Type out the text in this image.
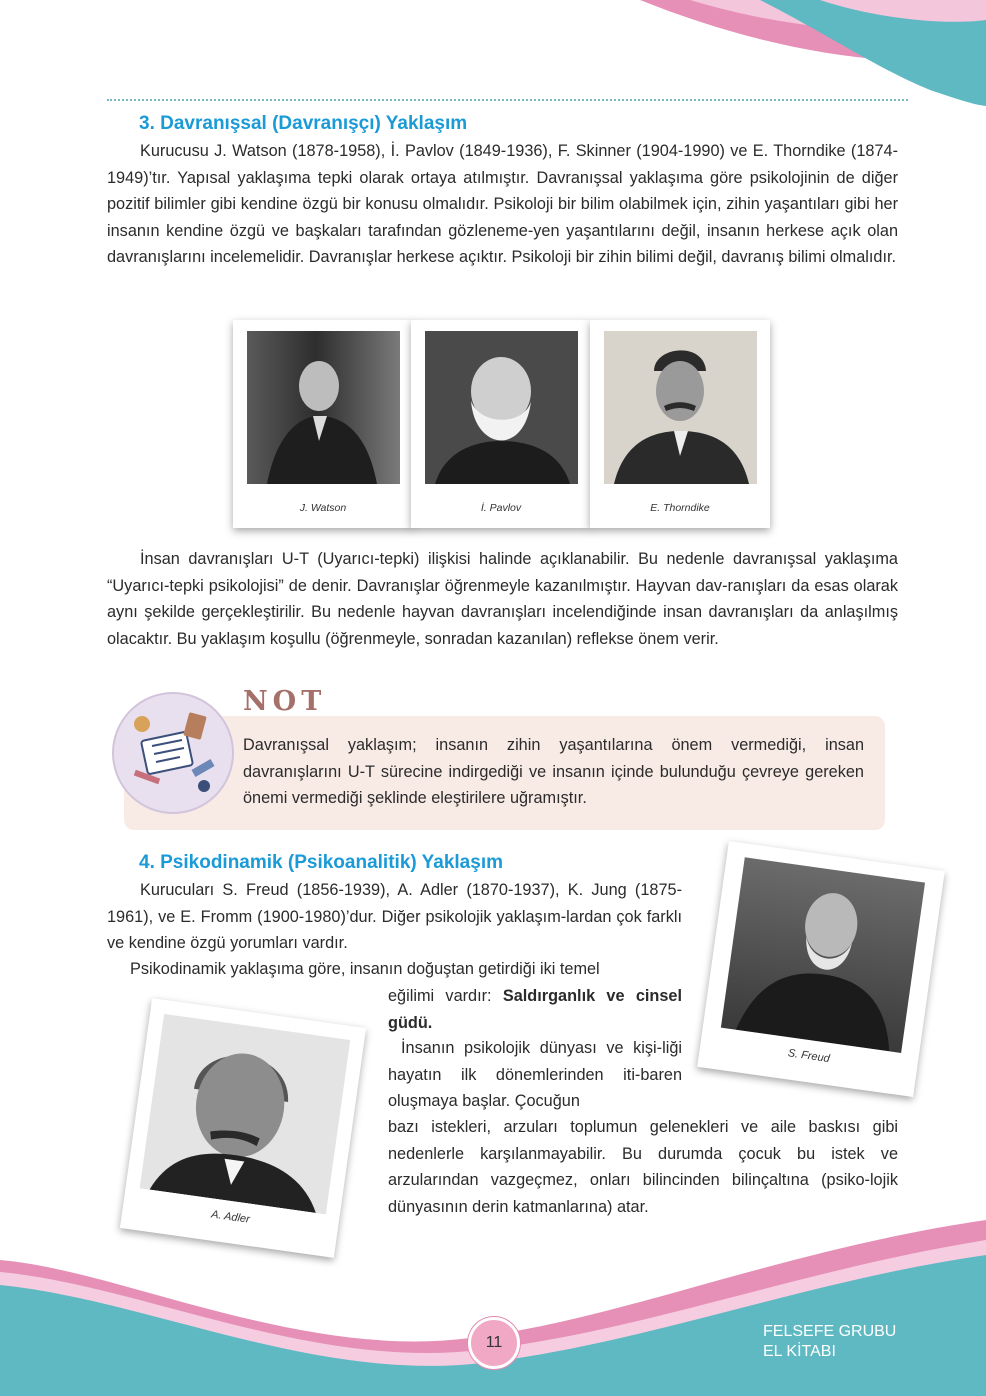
3. Davranışsal (Davranışçı) Yaklaşım

Kurucusu J. Watson (1878-1958), İ. Pavlov (1849-1936), F. Skinner (1904-1990) ve E. Thorndike (1874-1949)’tır. Yapısal yaklaşıma tepki olarak ortaya atılmıştır. Davranışsal yaklaşıma göre psikolojinin de diğer pozitif bilimler gibi kendine özgü bir konusu olmalıdır. Psikoloji bir bilim olabilmek için, zihin yaşantıları gibi her insanın kendine özgü ve başkaları tarafından gözleneme-yen yaşantılarını değil, insanın herkese açık olan davranışlarını incelemelidir. Davranışlar herkese açıktır. Psikoloji bir zihin bilimi değil, davranış bilimi olmalıdır.

J. Watson	İ. Pavlov	E. Thorndike

İnsan davranışları U-T (Uyarıcı-tepki) ilişkisi halinde açıklanabilir. Bu nedenle davranışsal yaklaşıma “Uyarıcı-tepki psikolojisi” de denir. Davranışlar öğrenmeyle kazanılmıştır. Hayvan dav-ranışları da esas olarak aynı şekilde gerçekleştirilir. Bu nedenle hayvan davranışları incelendiğinde insan davranışları da anlaşılmış olacaktır. Bu yaklaşım koşullu (öğrenmeyle, sonradan kazanılan) reflekse önem verir.

NOT

Davranışsal yaklaşım; insanın zihin yaşantılarına önem vermediği, insan davranışlarını U-T sürecine indirgediği ve insanın içinde bulunduğu çevreye gereken önemi vermediği şeklinde eleştirilere uğramıştır.

4. Psikodinamik (Psikoanalitik) Yaklaşım

Kurucuları S. Freud (1856-1939), A. Adler (1870-1937), K. Jung (1875-1961), ve E. Fromm (1900-1980)’dur. Diğer psikolojik yaklaşım-lardan çok farklı ve kendine özgü yorumları vardır.

Psikodinamik yaklaşıma göre, insanın doğuştan getirdiği iki temel

eğilimi vardır: Saldırganlık ve cinsel güdü.

İnsanın psikolojik dünyası ve kişi-liği hayatın ilk dönemlerinden iti-baren oluşmaya başlar. Çocuğun

bazı istekleri, arzuları toplumun gelenekleri ve aile baskısı gibi nedenlerle karşılanmayabilir. Bu durumda çocuk bu istek ve arzularından vazgeçmez, onları bilincinden bilinçaltına (psiko-lojik dünyasının derin katmanlarına) atar.

S. Freud
A. Adler
11
FELSEFE GRUBU
EL KİTABI
